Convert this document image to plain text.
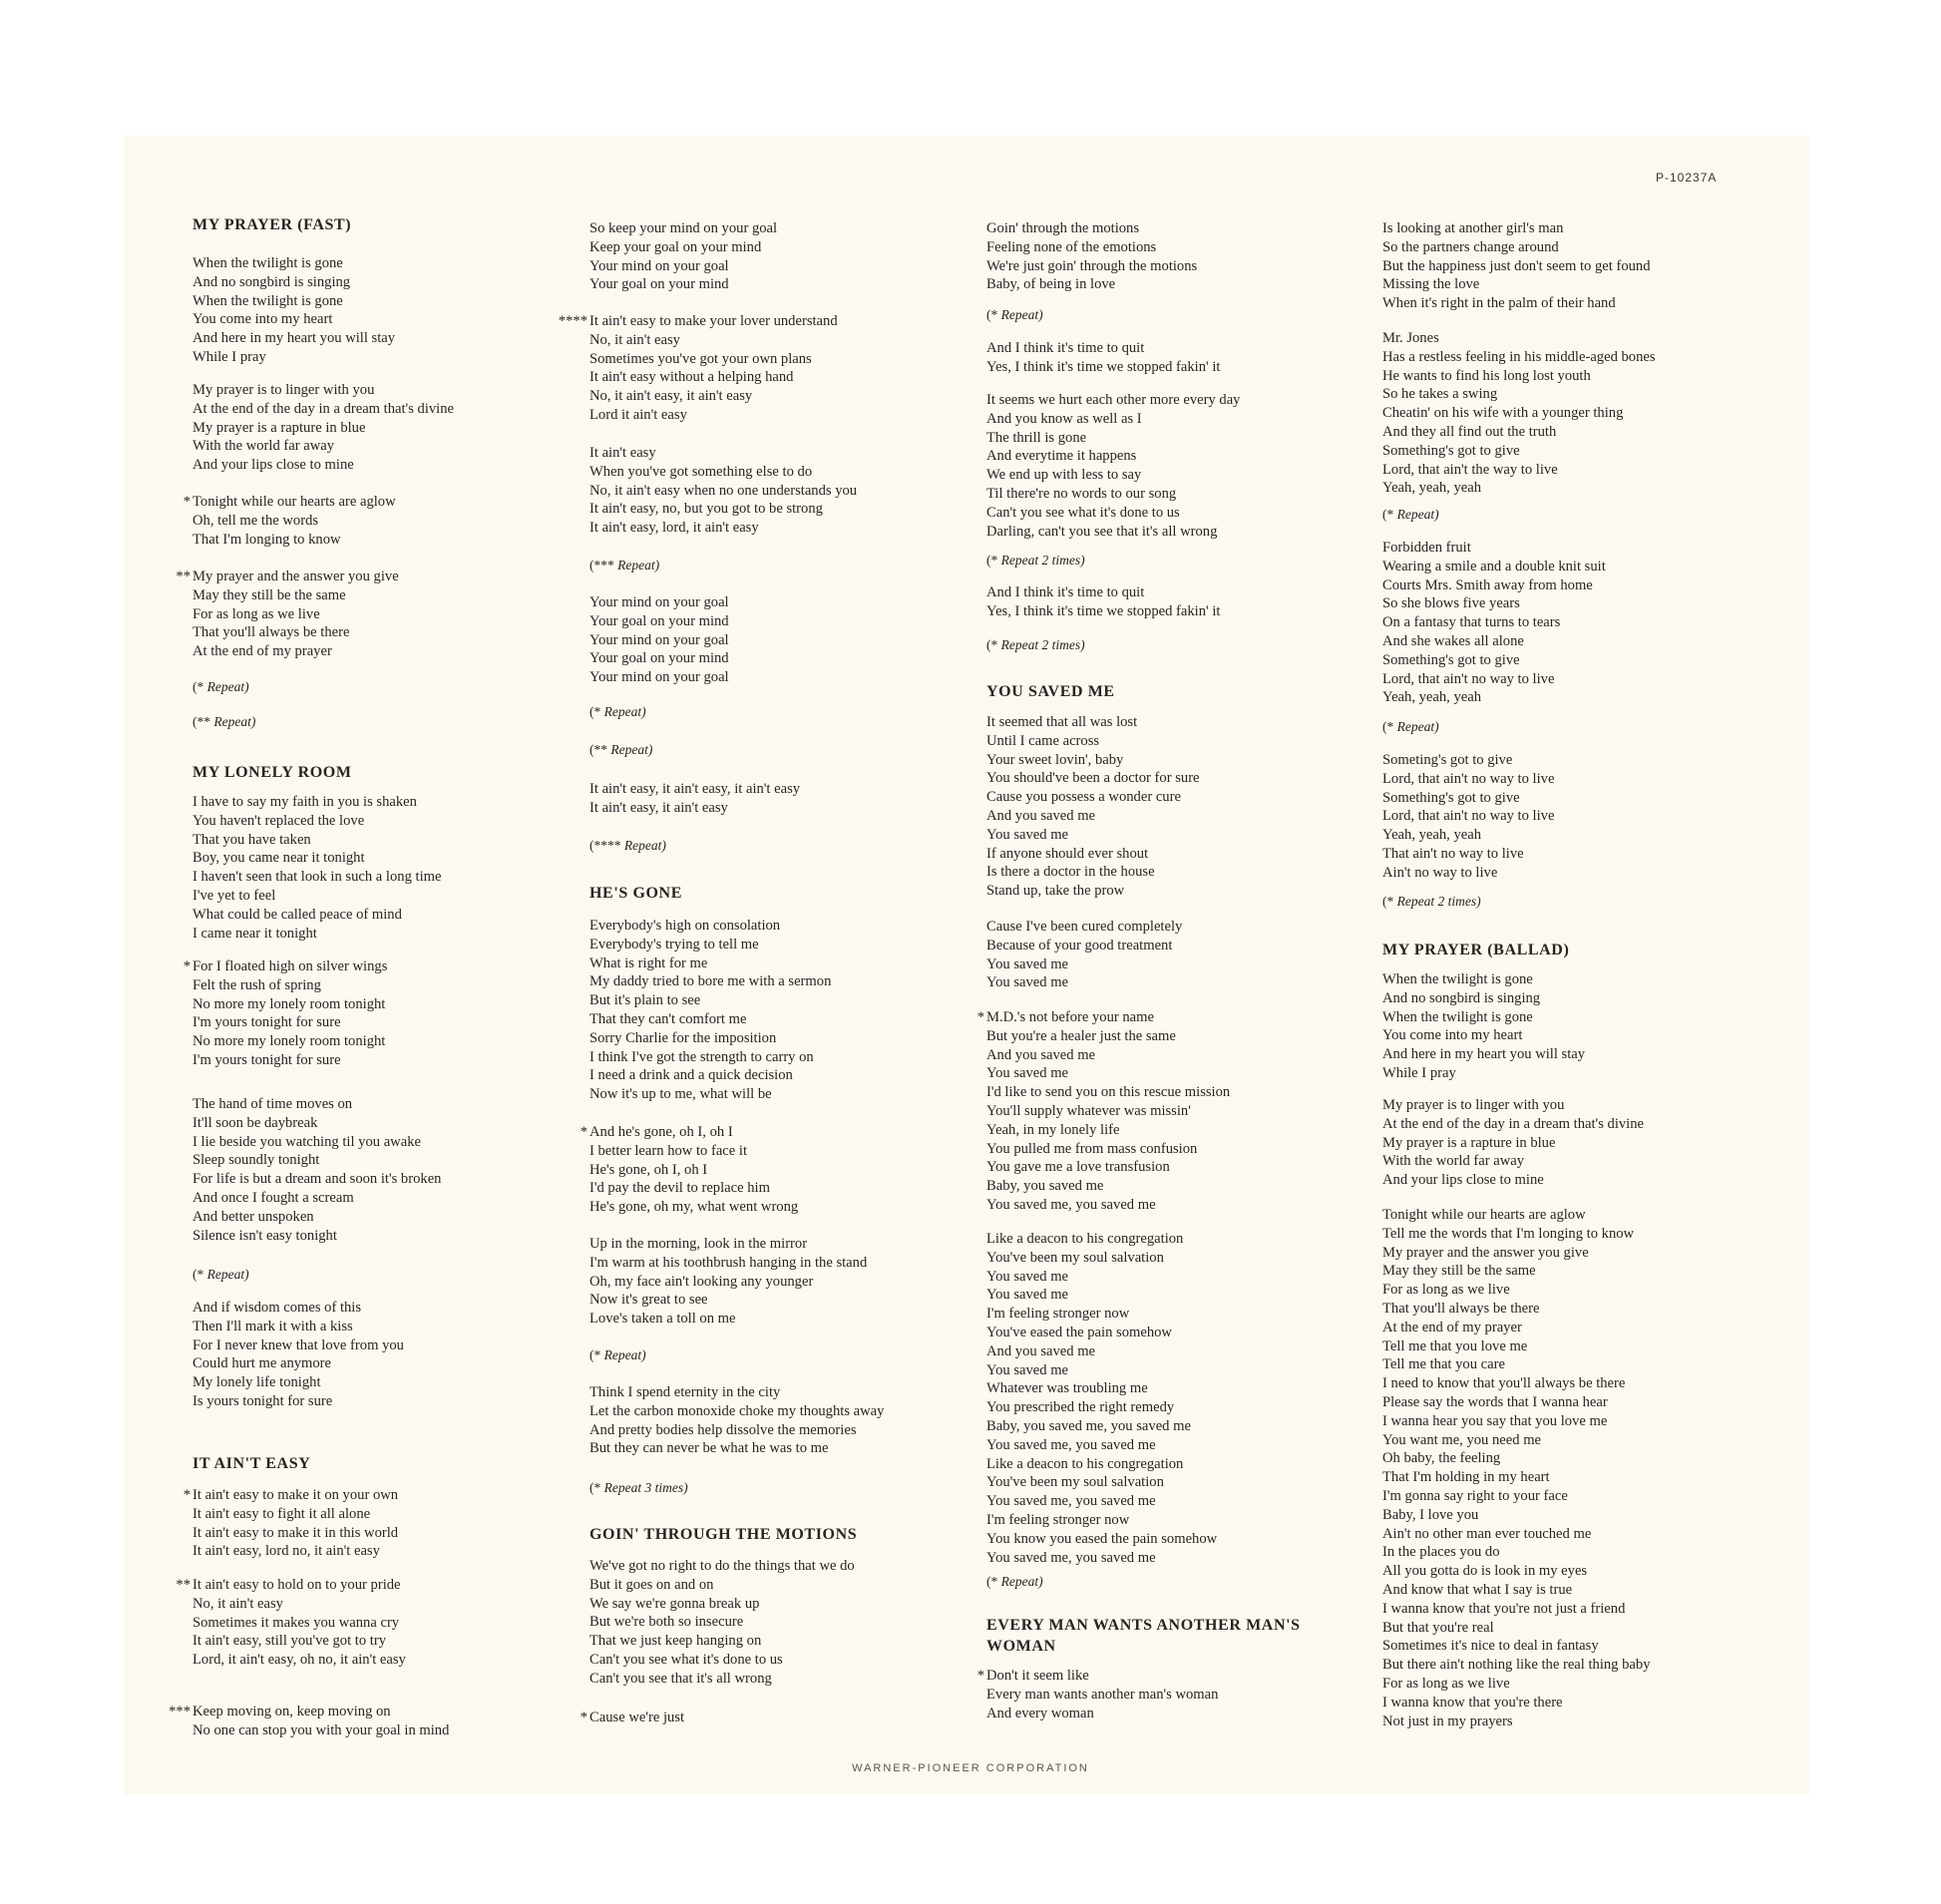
P-10237A
MY PRAYER (FAST)
When the twilight is gone
And no songbird is singing
When the twilight is gone
You come into my heart
And here in my heart you will stay
While I pray
My prayer is to linger with you
At the end of the day in a dream that's divine
My prayer is a rapture in blue
With the world far away
And your lips close to mine
* Tonight while our hearts are aglow
Oh, tell me the words
That I'm longing to know
** My prayer and the answer you give
May they still be the same
For as long as we live
That you'll always be there
At the end of my prayer
(* Repeat)
(** Repeat)
MY LONELY ROOM
I have to say my faith in you is shaken
You haven't replaced the love
That you have taken
Boy, you came near it tonight
I haven't seen that look in such a long time
I've yet to feel
What could be called peace of mind
I came near it tonight
* For I floated high on silver wings
Felt the rush of spring
No more my lonely room tonight
I'm yours tonight for sure
No more my lonely room tonight
I'm yours tonight for sure
The hand of time moves on
It'll soon be daybreak
I lie beside you watching til you awake
Sleep soundly tonight
For life is but a dream and soon it's broken
And once I fought a scream
And better unspoken
Silence isn't easy tonight
(* Repeat)
And if wisdom comes of this
Then I'll mark it with a kiss
For I never knew that love from you
Could hurt me anymore
My lonely life tonight
Is yours tonight for sure
IT AIN'T EASY
* It ain't easy to make it on your own
It ain't easy to fight it all alone
It ain't easy to make it in this world
It ain't easy, lord no, it ain't easy
** It ain't easy to hold on to your pride
No, it ain't easy
Sometimes it makes you wanna cry
It ain't easy, still you've got to try
Lord, it ain't easy, oh no, it ain't easy
*** Keep moving on, keep moving on
No one can stop you with your goal in mind
So keep your mind on your goal
Keep your goal on your mind
Your mind on your goal
Your goal on your mind
**** It ain't easy to make your lover understand
No, it ain't easy
Sometimes you've got your own plans
It ain't easy without a helping hand
No, it ain't easy, it ain't easy
Lord it ain't easy
It ain't easy
When you've got something else to do
No, it ain't easy when no one understands you
It ain't easy, no, but you got to be strong
It ain't easy, lord, it ain't easy
(*** Repeat)
Your mind on your goal
Your goal on your mind
Your mind on your goal
Your goal on your mind
Your mind on your goal
(* Repeat)
(** Repeat)
It ain't easy, it ain't easy, it ain't easy
It ain't easy, it ain't easy
(**** Repeat)
HE'S GONE
Everybody's high on consolation
Everybody's trying to tell me
What is right for me
My daddy tried to bore me with a sermon
But it's plain to see
That they can't comfort me
Sorry Charlie for the imposition
I think I've got the strength to carry on
I need a drink and a quick decision
Now it's up to me, what will be
* And he's gone, oh I, oh I
I better learn how to face it
He's gone, oh I, oh I
I'd pay the devil to replace him
He's gone, oh my, what went wrong
Up in the morning, look in the mirror
I'm warm at his toothbrush hanging in the stand
Oh, my face ain't looking any younger
Now it's great to see
Love's taken a toll on me
(* Repeat)
Think I spend eternity in the city
Let the carbon monoxide choke my thoughts away
And pretty bodies help dissolve the memories
But they can never be what he was to me
(* Repeat 3 times)
GOIN' THROUGH THE MOTIONS
We've got no right to do the things that we do
But it goes on and on
We say we're gonna break up
But we're both so insecure
That we just keep hanging on
Can't you see what it's done to us
Can't you see that it's all wrong
* Cause we're just
Goin' through the motions
Feeling none of the emotions
We're just goin' through the motions
Baby, of being in love
(* Repeat)
And I think it's time to quit
Yes, I think it's time we stopped fakin' it
It seems we hurt each other more every day
And you know as well as I
The thrill is gone
And everytime it happens
We end up with less to say
Til there're no words to our song
Can't you see what it's done to us
Darling, can't you see that it's all wrong
(* Repeat 2 times)
And I think it's time to quit
Yes, I think it's time we stopped fakin' it
(* Repeat 2 times)
YOU SAVED ME
It seemed that all was lost
Until I came across
Your sweet lovin', baby
You should've been a doctor for sure
Cause you possess a wonder cure
And you saved me
You saved me
If anyone should ever shout
Is there a doctor in the house
Stand up, take the prow
Cause I've been cured completely
Because of your good treatment
You saved me
You saved me
* M.D.'s not before your name
But you're a healer just the same
And you saved me
You saved me
I'd like to send you on this rescue mission
You'll supply whatever was missin'
Yeah, in my lonely life
You pulled me from mass confusion
You gave me a love transfusion
Baby, you saved me
You saved me, you saved me
Like a deacon to his congregation
You've been my soul salvation
You saved me
You saved me
I'm feeling stronger now
You've eased the pain somehow
And you saved me
You saved me
Whatever was troubling me
You prescribed the right remedy
Baby, you saved me, you saved me
You saved me, you saved me
Like a deacon to his congregation
You've been my soul salvation
You saved me, you saved me
I'm feeling stronger now
You know you eased the pain somehow
You saved me, you saved me
(* Repeat)
EVERY MAN WANTS ANOTHER MAN'S WOMAN
* Don't it seem like
Every man wants another man's woman
And every woman
Is looking at another girl's man
So the partners change around
But the happiness just don't seem to get found
Missing the love
When it's right in the palm of their hand
Mr. Jones
Has a restless feeling in his middle-aged bones
He wants to find his long lost youth
So he takes a swing
Cheatin' on his wife with a younger thing
And they all find out the truth
Something's got to give
Lord, that ain't the way to live
Yeah, yeah, yeah
(* Repeat)
Forbidden fruit
Wearing a smile and a double knit suit
Courts Mrs. Smith away from home
So she blows five years
On a fantasy that turns to tears
And she wakes all alone
Something's got to give
Lord, that ain't no way to live
Yeah, yeah, yeah
(* Repeat)
Someting's got to give
Lord, that ain't no way to live
Something's got to give
Lord, that ain't no way to live
Yeah, yeah, yeah
That ain't no way to live
Ain't no way to live
(* Repeat 2 times)
MY PRAYER (BALLAD)
When the twilight is gone
And no songbird is singing
When the twilight is gone
You come into my heart
And here in my heart you will stay
While I pray
My prayer is to linger with you
At the end of the day in a dream that's divine
My prayer is a rapture in blue
With the world far away
And your lips close to mine
Tonight while our hearts are aglow
Tell me the words that I'm longing to know
My prayer and the answer you give
May they still be the same
For as long as we live
That you'll always be there
At the end of my prayer
Tell me that you love me
Tell me that you care
I need to know that you'll always be there
Please say the words that I wanna hear
I wanna hear you say that you love me
You want me, you need me
Oh baby, the feeling
That I'm holding in my heart
I'm gonna say right to your face
Baby, I love you
Ain't no other man ever touched me
In the places you do
All you gotta do is look in my eyes
And know that what I say is true
I wanna know that you're not just a friend
But that you're real
Sometimes it's nice to deal in fantasy
But there ain't nothing like the real thing baby
For as long as we live
I wanna know that you're there
Not just in my prayers
WARNER-PIONEER CORPORATION
